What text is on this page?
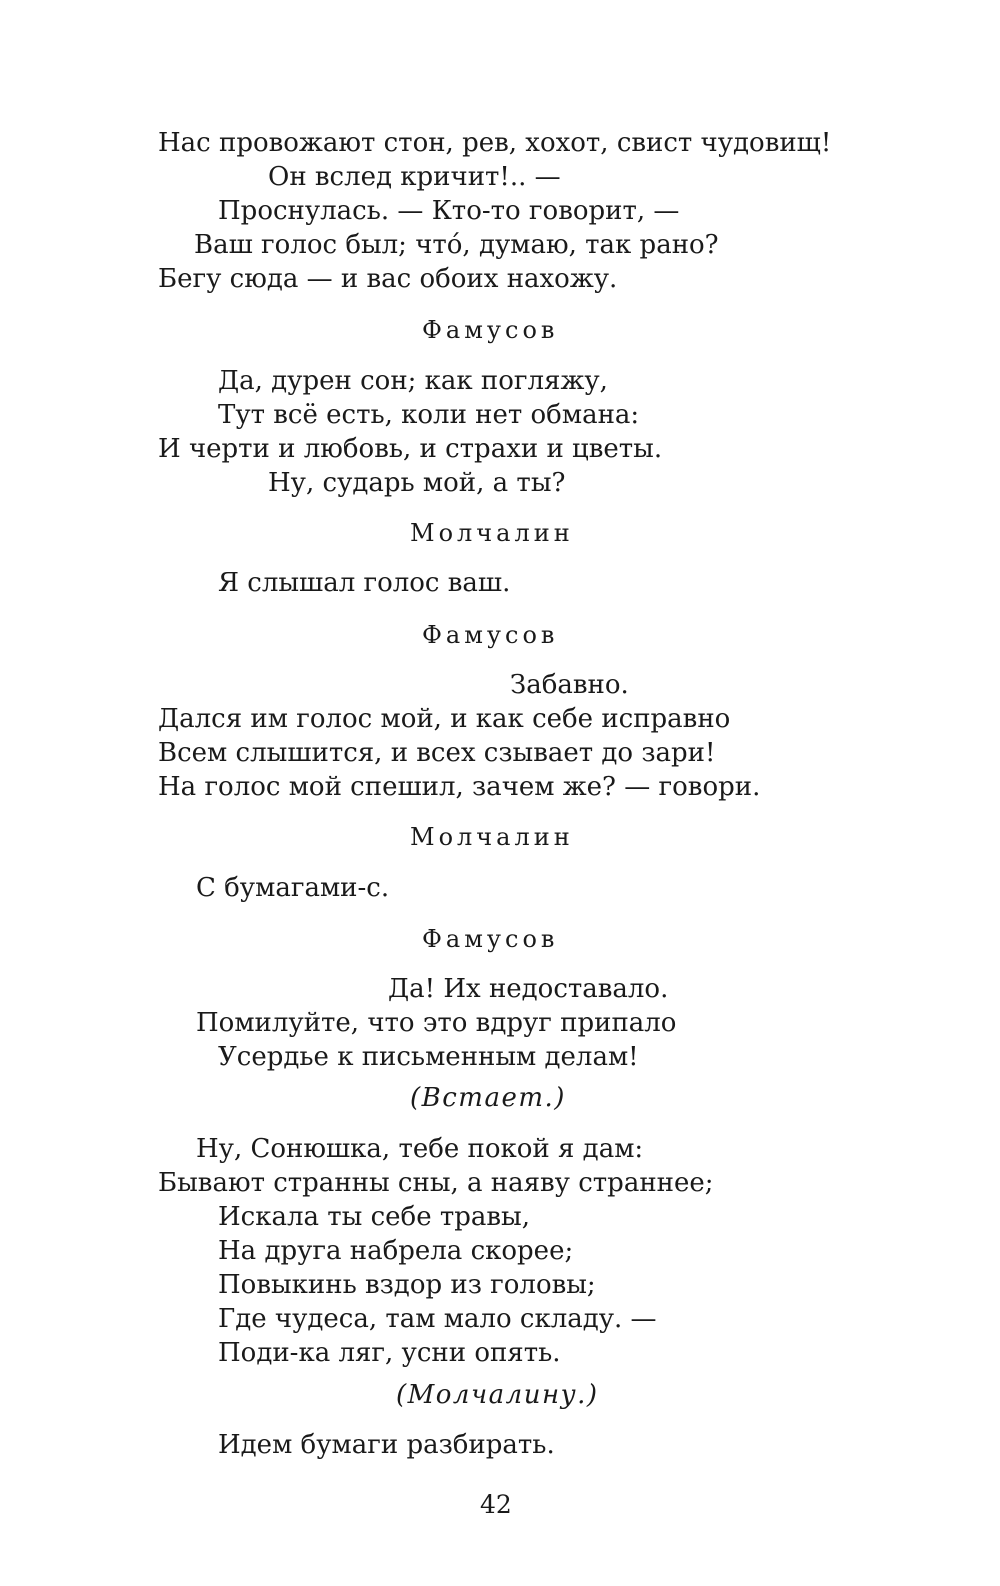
Нас провожают стон, рев, хохот, свист чудовищ!
Он вслед кричит!.. —
Проснулась. — Кто-то говорит, —
Ваш голос был; что́, думаю, так рано?
Бегу сюда — и вас обоих нахожу.
Фамусов
Да, дурен сон; как погляжу,
Тут всё есть, коли нет обмана:
И черти и любовь, и страхи и цветы.
Ну, сударь мой, а ты?
Молчалин
Я слышал голос ваш.
Фамусов
Забавно.
Дался им голос мой, и как себе исправно
Всем слышится, и всех сзывает до зари!
На голос мой спешил, зачем же? — говори.
Молчалин
С бумагами-с.
Фамусов
Да! Их недоставало.
Помилуйте, что это вдруг припало
Усердье к письменным делам!
(Встает.)
Ну, Сонюшка, тебе покой я дам:
Бывают странны сны, а наяву страннее;
Искала ты себе травы,
На друга набрела скорее;
Повыкинь вздор из головы;
Где чудеса, там мало складу. —
Поди-ка ляг, усни опять.
(Молчалину.)
Идем бумаги разбирать.
42
